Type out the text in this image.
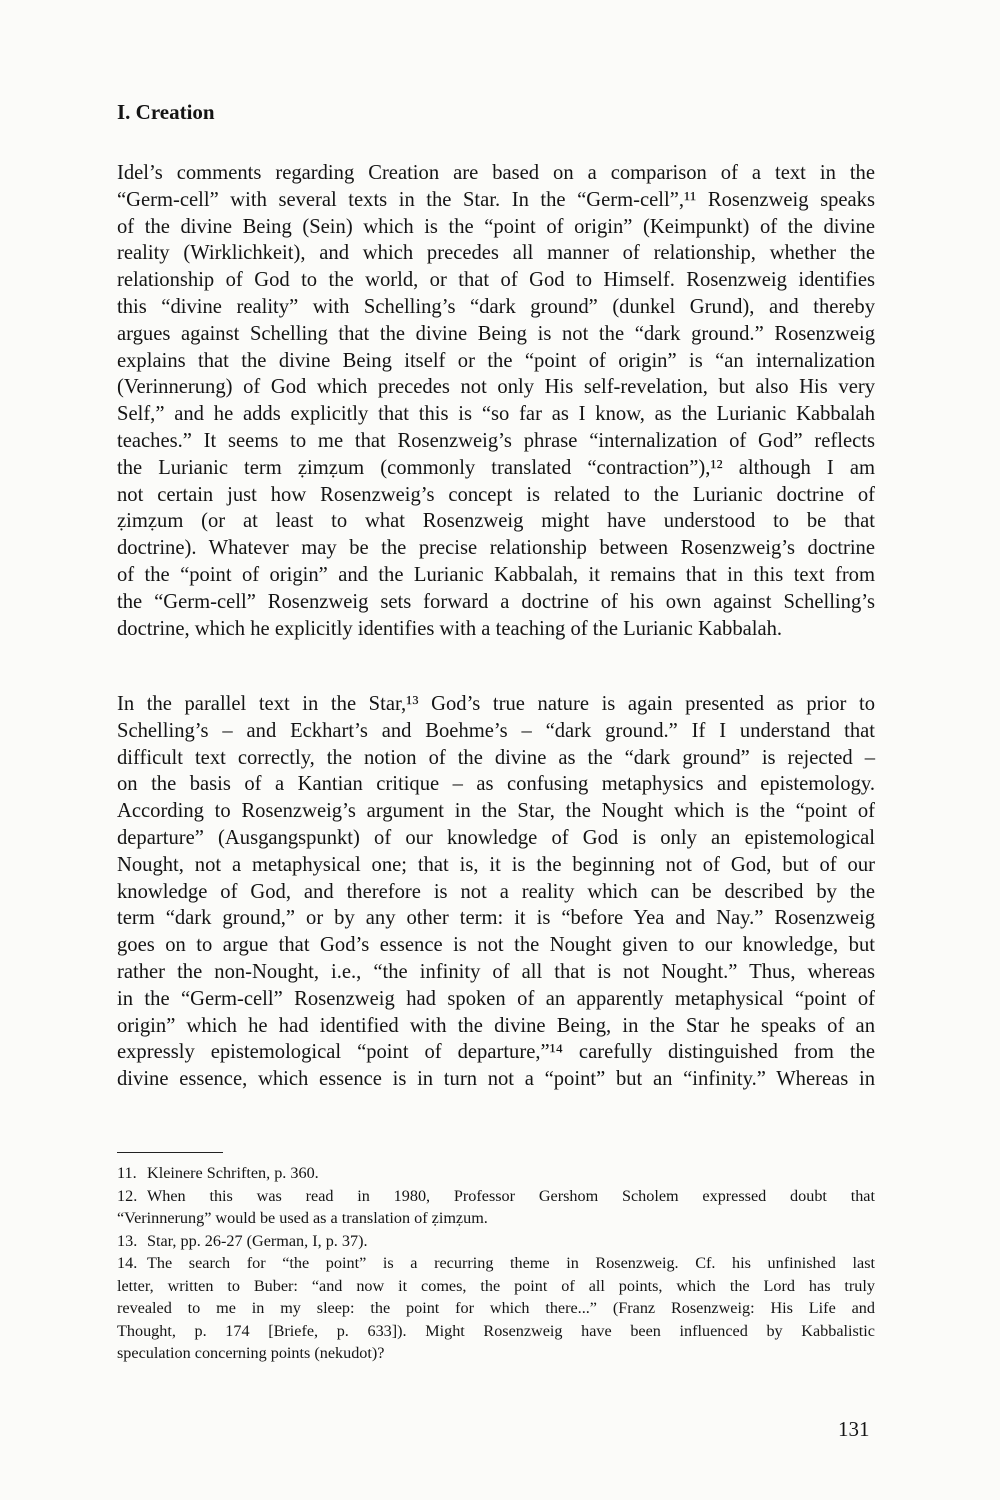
I. Creation
Idel’s comments regarding Creation are based on a comparison of a text in the
“Germ-cell” with several texts in the Star. In the “Germ-cell”,¹¹ Rosenzweig speaks
of the divine Being (Sein) which is the “point of origin” (Keimpunkt) of the divine
reality (Wirklichkeit), and which precedes all manner of relationship, whether the
relationship of God to the world, or that of God to Himself. Rosenzweig identifies
this “divine reality” with Schelling’s “dark ground” (dunkel Grund), and thereby
argues against Schelling that the divine Being is not the “dark ground.” Rosenzweig
explains that the divine Being itself or the “point of origin” is “an internalization
(Verinnerung) of God which precedes not only His self-revelation, but also His very
Self,” and he adds explicitly that this is “so far as I know, as the Lurianic Kabbalah
teaches.” It seems to me that Rosenzweig’s phrase “internalization of God” reflects
the Lurianic term ẓimẓum (commonly translated “contraction”),¹² although I am
not certain just how Rosenzweig’s concept is related to the Lurianic doctrine of
ẓimẓum (or at least to what Rosenzweig might have understood to be that
doctrine). Whatever may be the precise relationship between Rosenzweig’s doctrine
of the “point of origin” and the Lurianic Kabbalah, it remains that in this text from
the “Germ-cell” Rosenzweig sets forward a doctrine of his own against Schelling’s
doctrine, which he explicitly identifies with a teaching of the Lurianic Kabbalah.
In the parallel text in the Star,¹³ God’s true nature is again presented as prior to
Schelling’s – and Eckhart’s and Boehme’s – “dark ground.” If I understand that
difficult text correctly, the notion of the divine as the “dark ground” is rejected –
on the basis of a Kantian critique – as confusing metaphysics and epistemology.
According to Rosenzweig’s argument in the Star, the Nought which is the “point of
departure” (Ausgangspunkt) of our knowledge of God is only an epistemological
Nought, not a metaphysical one; that is, it is the beginning not of God, but of our
knowledge of God, and therefore is not a reality which can be described by the
term “dark ground,” or by any other term: it is “before Yea and Nay.” Rosenzweig
goes on to argue that God’s essence is not the Nought given to our knowledge, but
rather the non-Nought, i.e., “the infinity of all that is not Nought.” Thus, whereas
in the “Germ-cell” Rosenzweig had spoken of an apparently metaphysical “point of
origin” which he had identified with the divine Being, in the Star he speaks of an
expressly epistemological “point of departure,”¹⁴ carefully distinguished from the
divine essence, which essence is in turn not a “point” but an “infinity.” Whereas in
11. Kleinere Schriften, p. 360.
12. When this was read in 1980, Professor Gershom Scholem expressed doubt that
“Verinnerung” would be used as a translation of ẓimẓum.
13. Star, pp. 26-27 (German, I, p. 37).
14. The search for “the point” is a recurring theme in Rosenzweig. Cf. his unfinished last
letter, written to Buber: “and now it comes, the point of all points, which the Lord has truly
revealed to me in my sleep: the point for which there...” (Franz Rosenzweig: His Life and
Thought, p. 174 [Briefe, p. 633]). Might Rosenzweig have been influenced by Kabbalistic
speculation concerning points (nekudot)?
131
